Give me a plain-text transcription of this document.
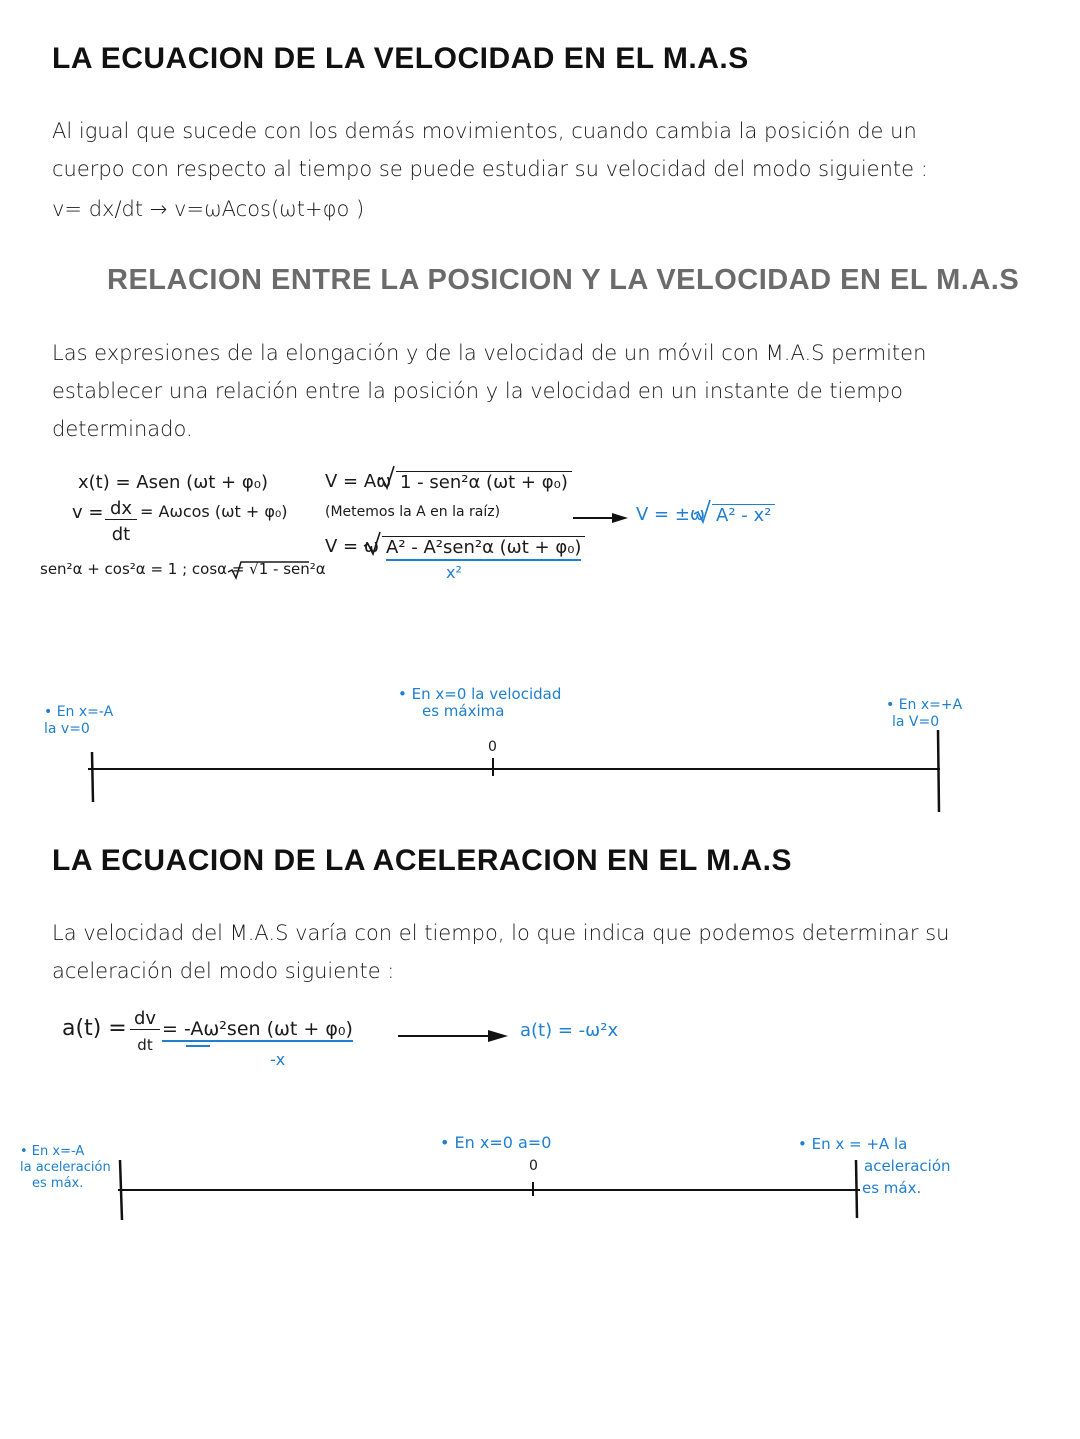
LA ECUACION DE LA VELOCIDAD EN EL M.A.S
Al igual que sucede con los demás movimientos, cuando cambia la posición de un
cuerpo con respecto al tiempo se puede estudiar su velocidad del modo siguiente :
v= dx/dt → v=ωAcos(ωt+φo )
RELACION ENTRE LA POSICION Y LA VELOCIDAD EN EL M.A.S
Las expresiones de la elongación y de la velocidad de un móvil con M.A.S permiten
establecer una relación entre la posición y la velocidad en un instante de tiempo
determinado.
x(t) = Asen (ωt + φ₀)
v = dx
dt
= Aωcos (ωt + φ₀)
sen²α + cos²α = 1 ; cosα = √1 - sen²α
V = Aω 1 - sen²α (ωt + φ₀)
(Metemos la A en la raíz)
V = ω A² - A²sen²α (ωt + φ₀)
x²
V = ±ω A² - x²
• En x=-A
la v=0
• En x=0 la velocidad
es máxima	• En x=+A
la V=0
0
LA ECUACION DE LA ACELERACION EN EL M.A.S
La velocidad del M.A.S varía con el tiempo, lo que indica que podemos determinar su
aceleración del modo siguiente :
a(t) = dv
dt
= -Aω²sen (ωt + φ₀)
-x
a(t) = -ω²x
• En x=-A
la aceleración
es máx.
• En x=0 a=0
0
• En x = +A la
aceleración
es máx.
